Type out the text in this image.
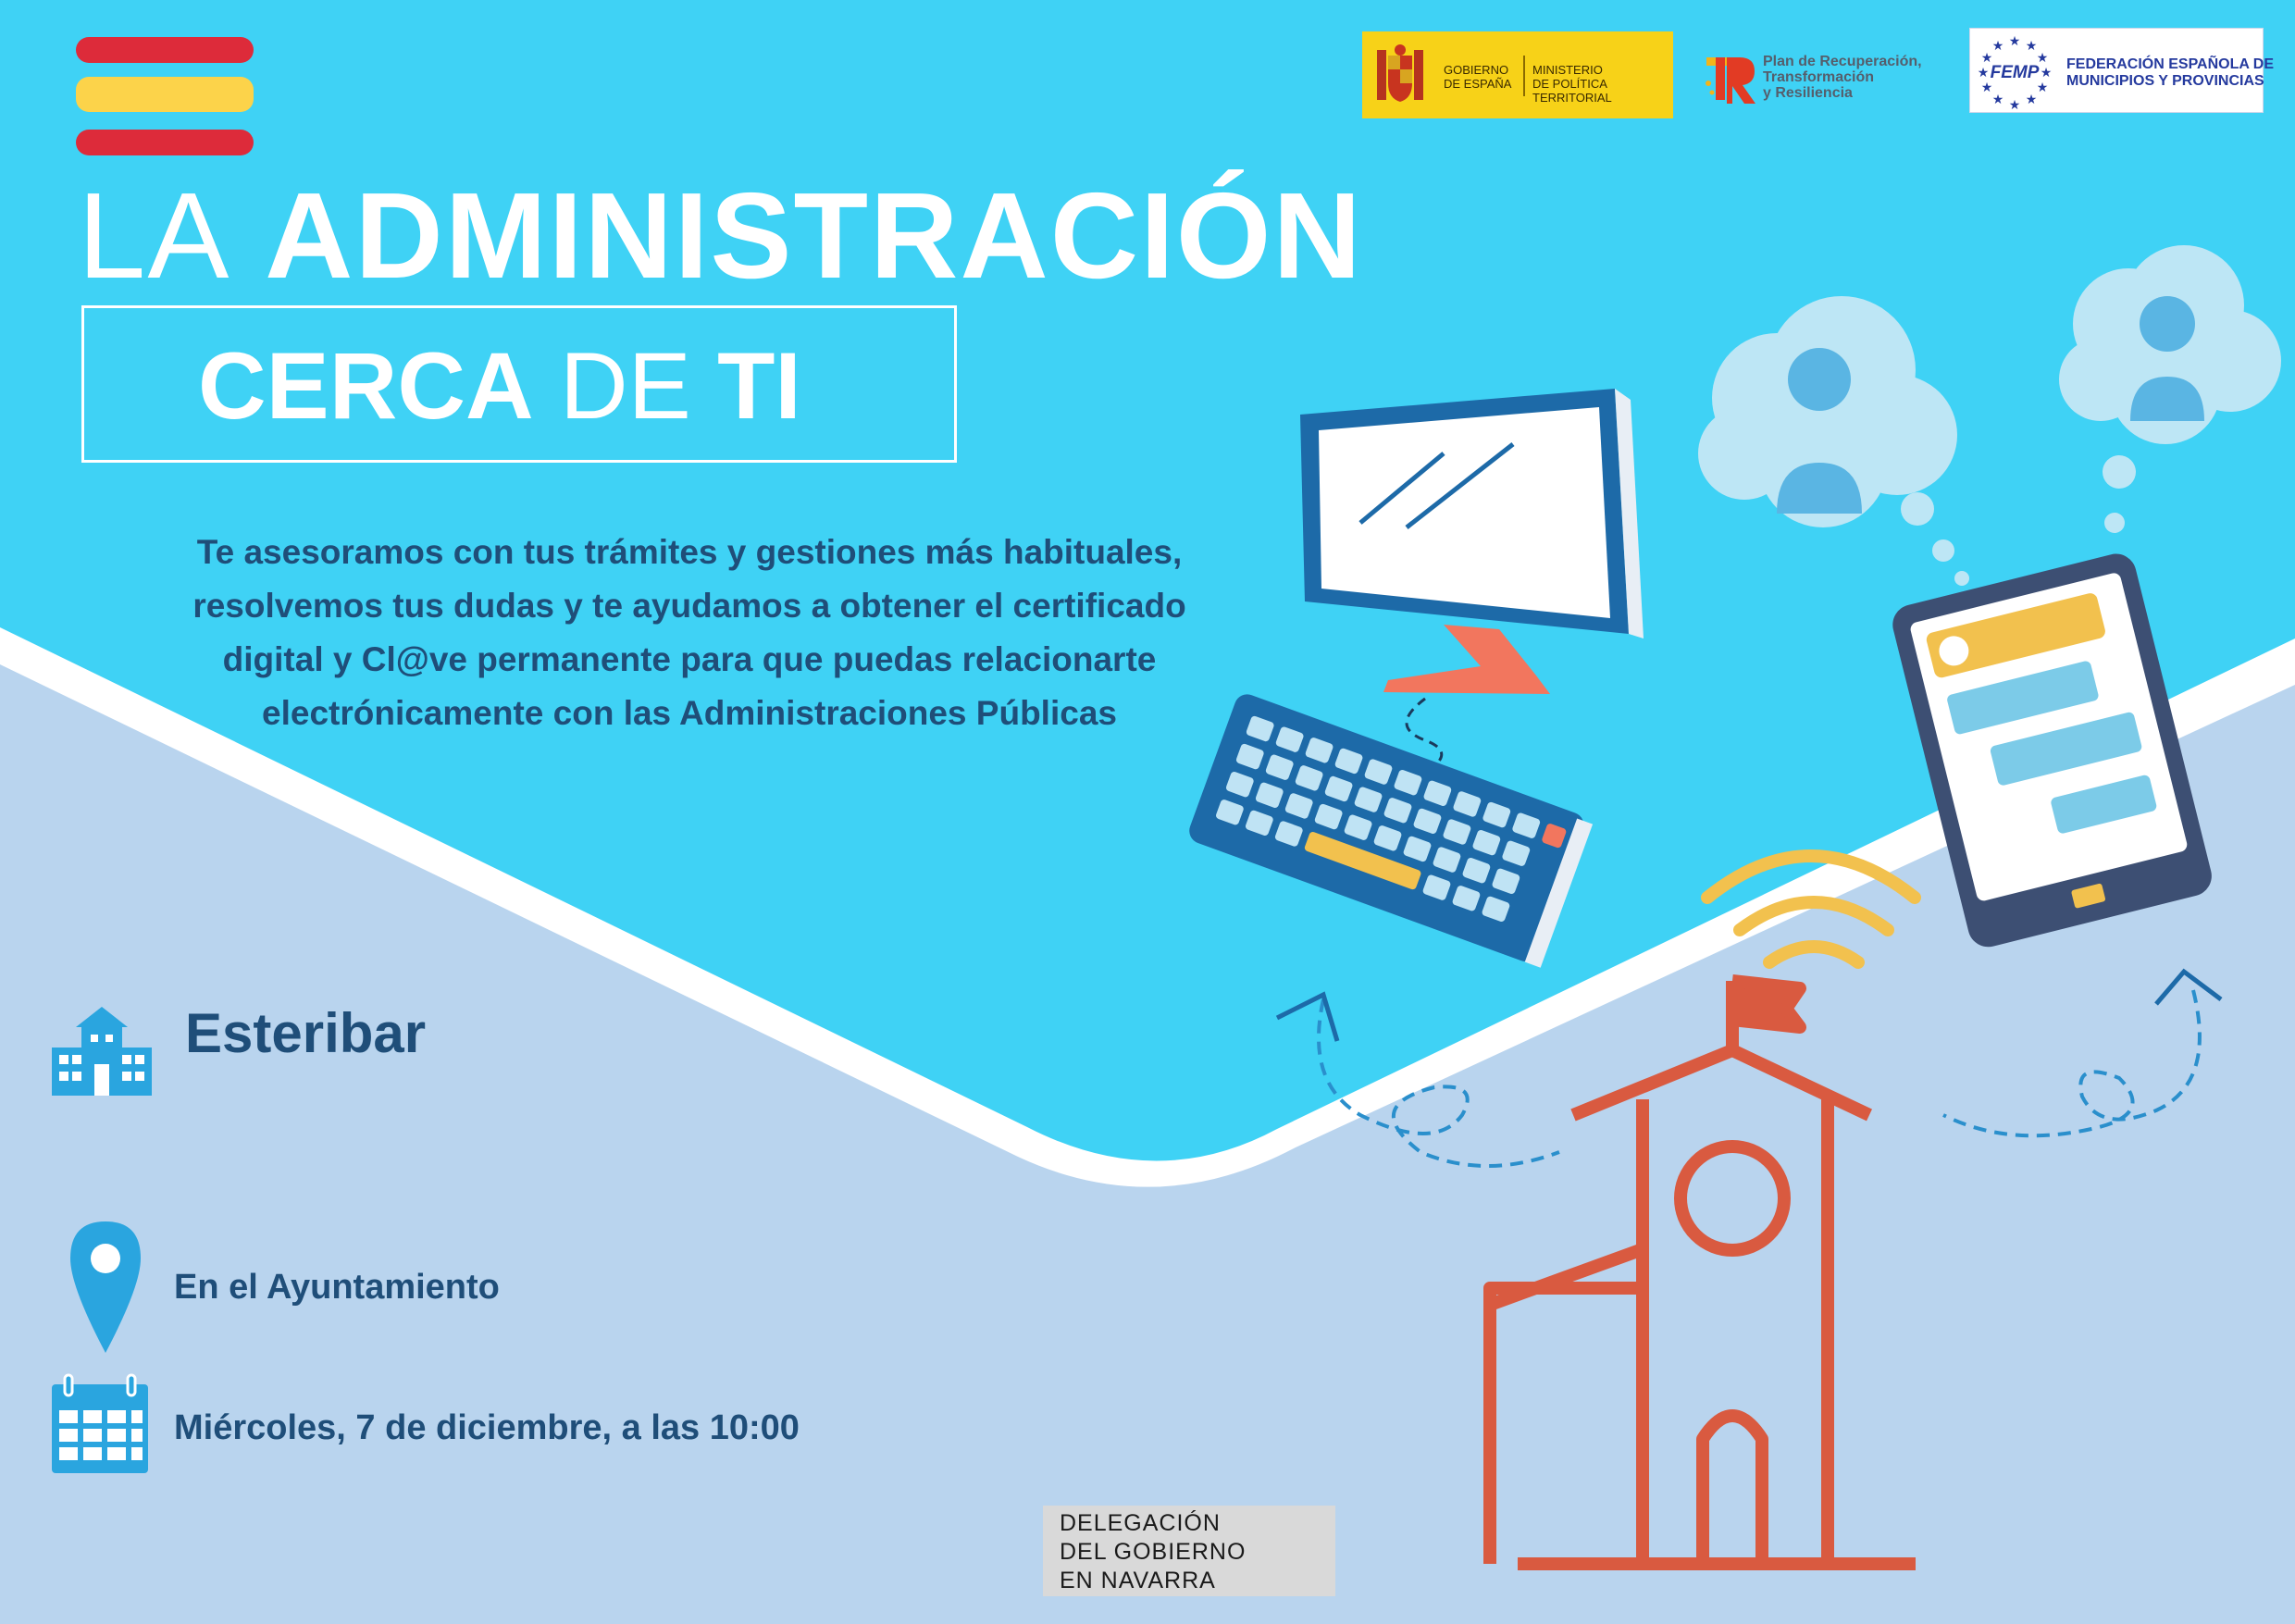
LA ADMINISTRACIÓN
CERCA DE TI
Te asesoramos con tus trámites y gestiones más habituales, resolvemos tus dudas y te ayudamos a obtener el certificado digital y Cl@ve permanente para que puedas relacionarte electrónicamente con las Administraciones Públicas
GOBIERNO
DE ESPAÑA
MINISTERIO
DE POLÍTICA TERRITORIAL
Plan de Recuperación,
Transformación
y Resiliencia
★ ★
★
★
★
★
★
★
★
★
★
★
FEMP FEDERACIÓN ESPAÑOLA DE
MUNICIPIOS Y PROVINCIAS
Esteribar
En el Ayuntamiento
Miércoles, 7 de diciembre, a las 10:00
DELEGACIÓN
DEL GOBIERNO
EN NAVARRA
